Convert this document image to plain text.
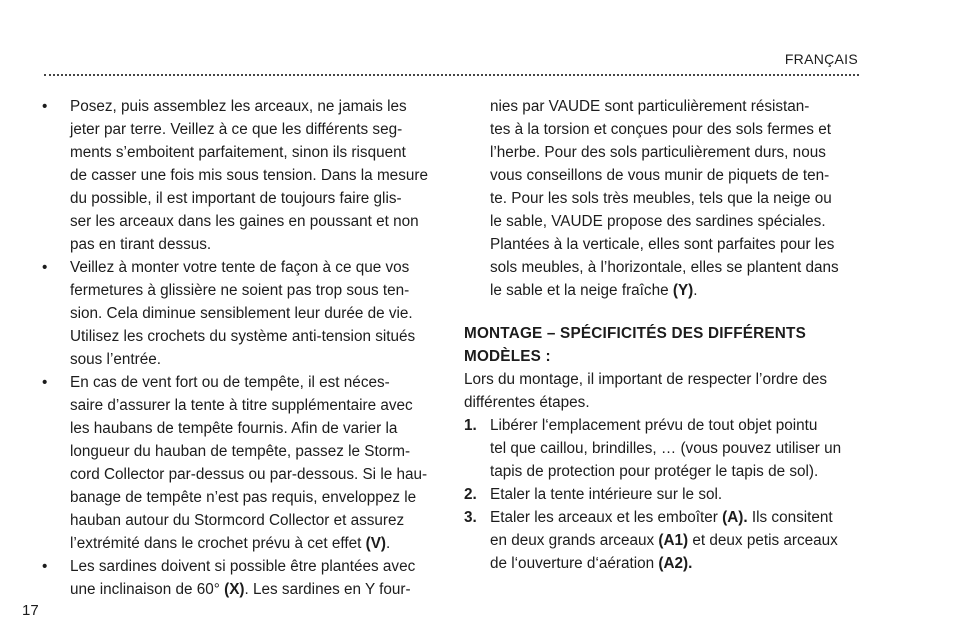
FRANÇAIS
• Posez, puis assemblez les arceaux, ne jamais les
jeter par terre. Veillez à ce que les différents seg-
ments s’emboitent parfaitement, sinon ils risquent
de casser une fois mis sous tension. Dans la mesure
du possible, il est important de toujours faire glis-
ser les arceaux dans les gaines en poussant et non
pas en tirant dessus.
• Veillez à monter votre tente de façon à ce que vos
fermetures à glissière ne soient pas trop sous ten-
sion. Cela diminue sensiblement leur durée de vie.
Utilisez les crochets du système anti-tension situés
sous l’entrée.
• En cas de vent fort ou de tempête, il est néces-
saire d’assurer la tente à titre supplémentaire avec
les haubans de tempête fournis. Afin de varier la
longueur du hauban de tempête, passez le Storm-
cord Collector par-dessus ou par-dessous. Si le hau-
banage de tempête n’est pas requis, enveloppez le
hauban autour du Stormcord Collector et assurez
l’extrémité dans le crochet prévu à cet effet (V).
• Les sardines doivent si possible être plantées avec
une inclinaison de 60° (X). Les sardines en Y four-
nies par VAUDE sont particulièrement résistan-
tes à la torsion et conçues pour des sols fermes et
l’herbe. Pour des sols particulièrement durs, nous
vous conseillons de vous munir de piquets de ten-
te. Pour les sols très meubles, tels que la neige ou
le sable, VAUDE propose des sardines spéciales.
Plantées à la verticale, elles sont parfaites pour les
sols meubles, à l’horizontale, elles se plantent dans
le sable et la neige fraîche (Y).
MONTAGE – SPÉCIFICITÉS DES DIFFÉRENTS
MODÈLES :
Lors du montage, il important de respecter l’ordre des
différentes étapes.
1. Libérer l‘emplacement prévu de tout objet pointu
tel que caillou, brindilles, … (vous pouvez utiliser un
tapis de protection pour protéger le tapis de sol).
2. Etaler la tente intérieure sur le sol.
3. Etaler les arceaux et les emboîter (A). Ils consitent
en deux grands arceaux (A1) et deux petis arceaux
de l‘ouverture d‘aération (A2).
17
